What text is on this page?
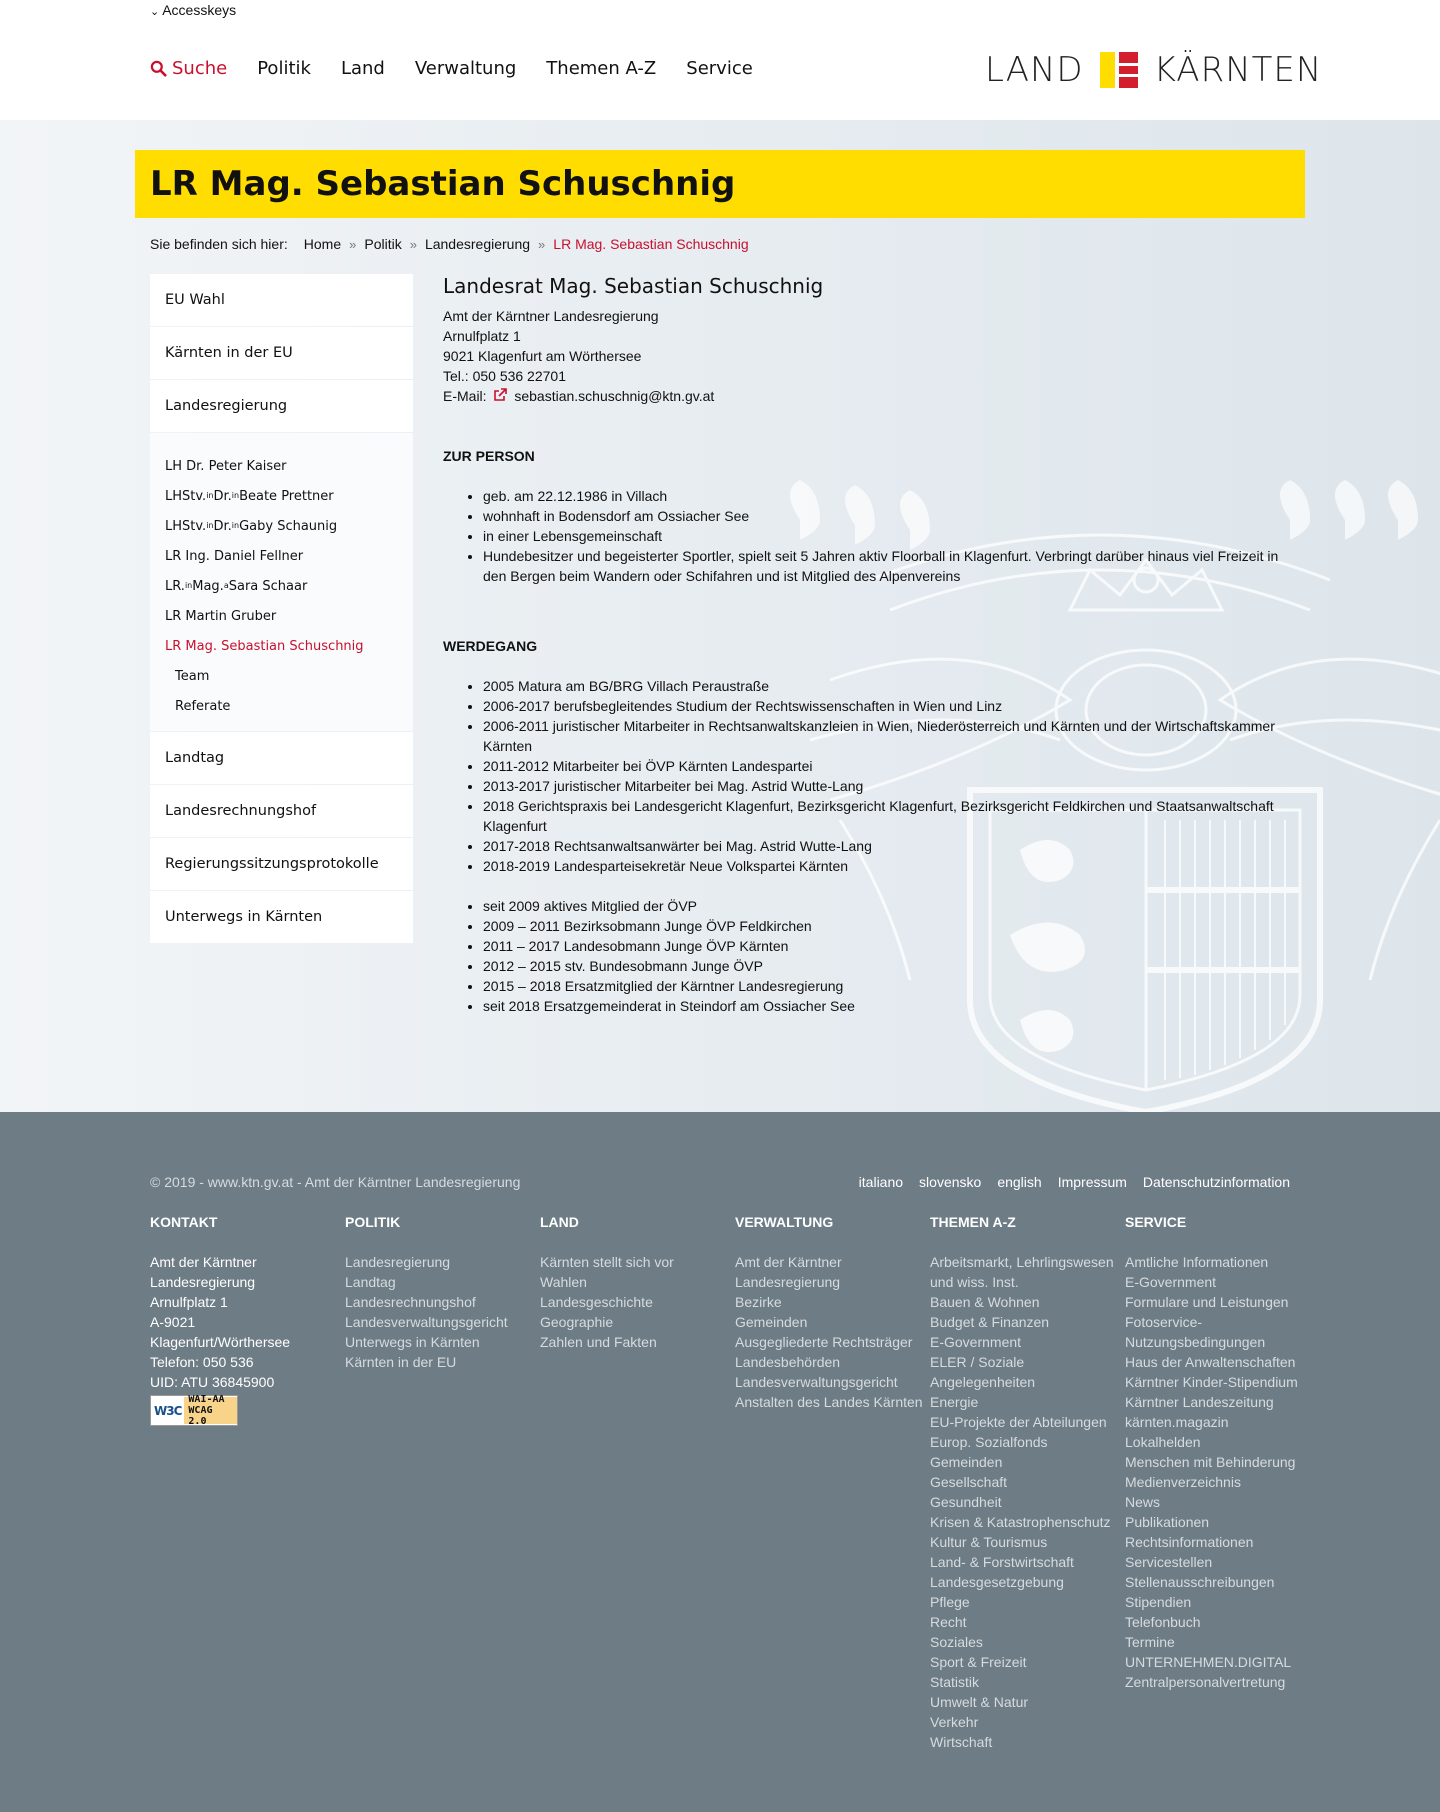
⌄ Accesskeys
Suche Politik Land Verwaltung Themen A-Z Service	LAND KÄRNTEN
LR Mag. Sebastian Schuschnig
Sie befinden sich hier: Home » Politik » Landesregierung » LR Mag. Sebastian Schuschnig
EU Wahl
Kärnten in der EU
Landesregierung
LH Dr. Peter Kaiser
LHStv. in Dr. in Beate Prettner
LHStv. in Dr. in Gaby Schaunig
LR Ing. Daniel Fellner
LR. in Mag. a Sara Schaar
LR Martin Gruber
LR Mag. Sebastian Schuschnig
Team
Referate
Landtag
Landesrechnungshof
Regierungssitzungsprotokolle
Unterwegs in Kärnten
Landesrat Mag. Sebastian Schuschnig
Amt der Kärntner Landesregierung
Arnulfplatz 1
9021 Klagenfurt am Wörthersee
Tel.: 050 536 22701
E-Mail: sebastian.schuschnig@ktn.gv.at
ZUR PERSON
• geb. am 22.12.1986 in Villach
• wohnhaft in Bodensdorf am Ossiacher See
• in einer Lebensgemeinschaft
• Hundebesitzer und begeisterter Sportler, spielt seit 5 Jahren aktiv Floorball in Klagenfurt. Verbringt darüber hinaus viel Freizeit in den Bergen beim Wandern oder Schifahren und ist Mitglied des Alpenvereins
WERDEGANG
• 2005 Matura am BG/BRG Villach Peraustraße
• 2006-2017 berufsbegleitendes Studium der Rechtswissenschaften in Wien und Linz
• 2006-2011 juristischer Mitarbeiter in Rechtsanwaltskanzleien in Wien, Niederösterreich und Kärnten und der Wirtschaftskammer Kärnten
• 2011-2012 Mitarbeiter bei ÖVP Kärnten Landespartei
• 2013-2017 juristischer Mitarbeiter bei Mag. Astrid Wutte-Lang
• 2018 Gerichtspraxis bei Landesgericht Klagenfurt, Bezirksgericht Klagenfurt, Bezirksgericht Feldkirchen und Staatsanwaltschaft Klagenfurt
• 2017-2018 Rechtsanwaltsanwärter bei Mag. Astrid Wutte-Lang
• 2018-2019 Landesparteisekretär Neue Volkspartei Kärnten
• seit 2009 aktives Mitglied der ÖVP
• 2009 – 2011 Bezirksobmann Junge ÖVP Feldkirchen
• 2011 – 2017 Landesobmann Junge ÖVP Kärnten
• 2012 – 2015 stv. Bundesobmann Junge ÖVP
• 2015 – 2018 Ersatzmitglied der Kärntner Landesregierung
• seit 2018 Ersatzgemeinderat in Steindorf am Ossiacher See
© 2019 - www.ktn.gv.at - Amt der Kärntner Landesregierung	italiano slovensko english Impressum Datenschutzinformation
KONTAKT
Amt der Kärntner
Landesregierung
Arnulfplatz 1
A-9021
Klagenfurt/Wörthersee
Telefon: 050 536
UID: ATU 36845900
W3C
WAI-AA
WCAG 2.0
POLITIK
Landesregierung
Landtag
Landesrechnungshof
Landesverwaltungsgericht
Unterwegs in Kärnten
Kärnten in der EU
LAND
Kärnten stellt sich vor
Wahlen
Landesgeschichte
Geographie
Zahlen und Fakten
VERWALTUNG
Amt der Kärntner Landesregierung
Bezirke
Gemeinden
Ausgegliederte Rechtsträger
Landesbehörden
Landesverwaltungsgericht
Anstalten des Landes Kärnten
THEMEN A-Z
Arbeitsmarkt, Lehrlingswesen und wiss. Inst.
Bauen & Wohnen
Budget & Finanzen
E-Government
ELER / Soziale Angelegenheiten
Energie
EU-Projekte der Abteilungen
Europ. Sozialfonds
Gemeinden
Gesellschaft
Gesundheit
Krisen & Katastrophenschutz
Kultur & Tourismus
Land- & Forstwirtschaft
Landesgesetzgebung
Pflege
Recht
Soziales
Sport & Freizeit
Statistik
Umwelt & Natur
Verkehr
Wirtschaft
SERVICE
Amtliche Informationen
E-Government
Formulare und Leistungen
Fotoservice-Nutzungsbedingungen
Haus der Anwaltenschaften
Kärntner Kinder-Stipendium
Kärntner Landeszeitung
kärnten.magazin
Lokalhelden
Menschen mit Behinderung
Medienverzeichnis
News
Publikationen
Rechtsinformationen
Servicestellen
Stellenausschreibungen
Stipendien
Telefonbuch
Termine
UNTERNEHMEN.DIGITAL
Zentralpersonalvertretung
